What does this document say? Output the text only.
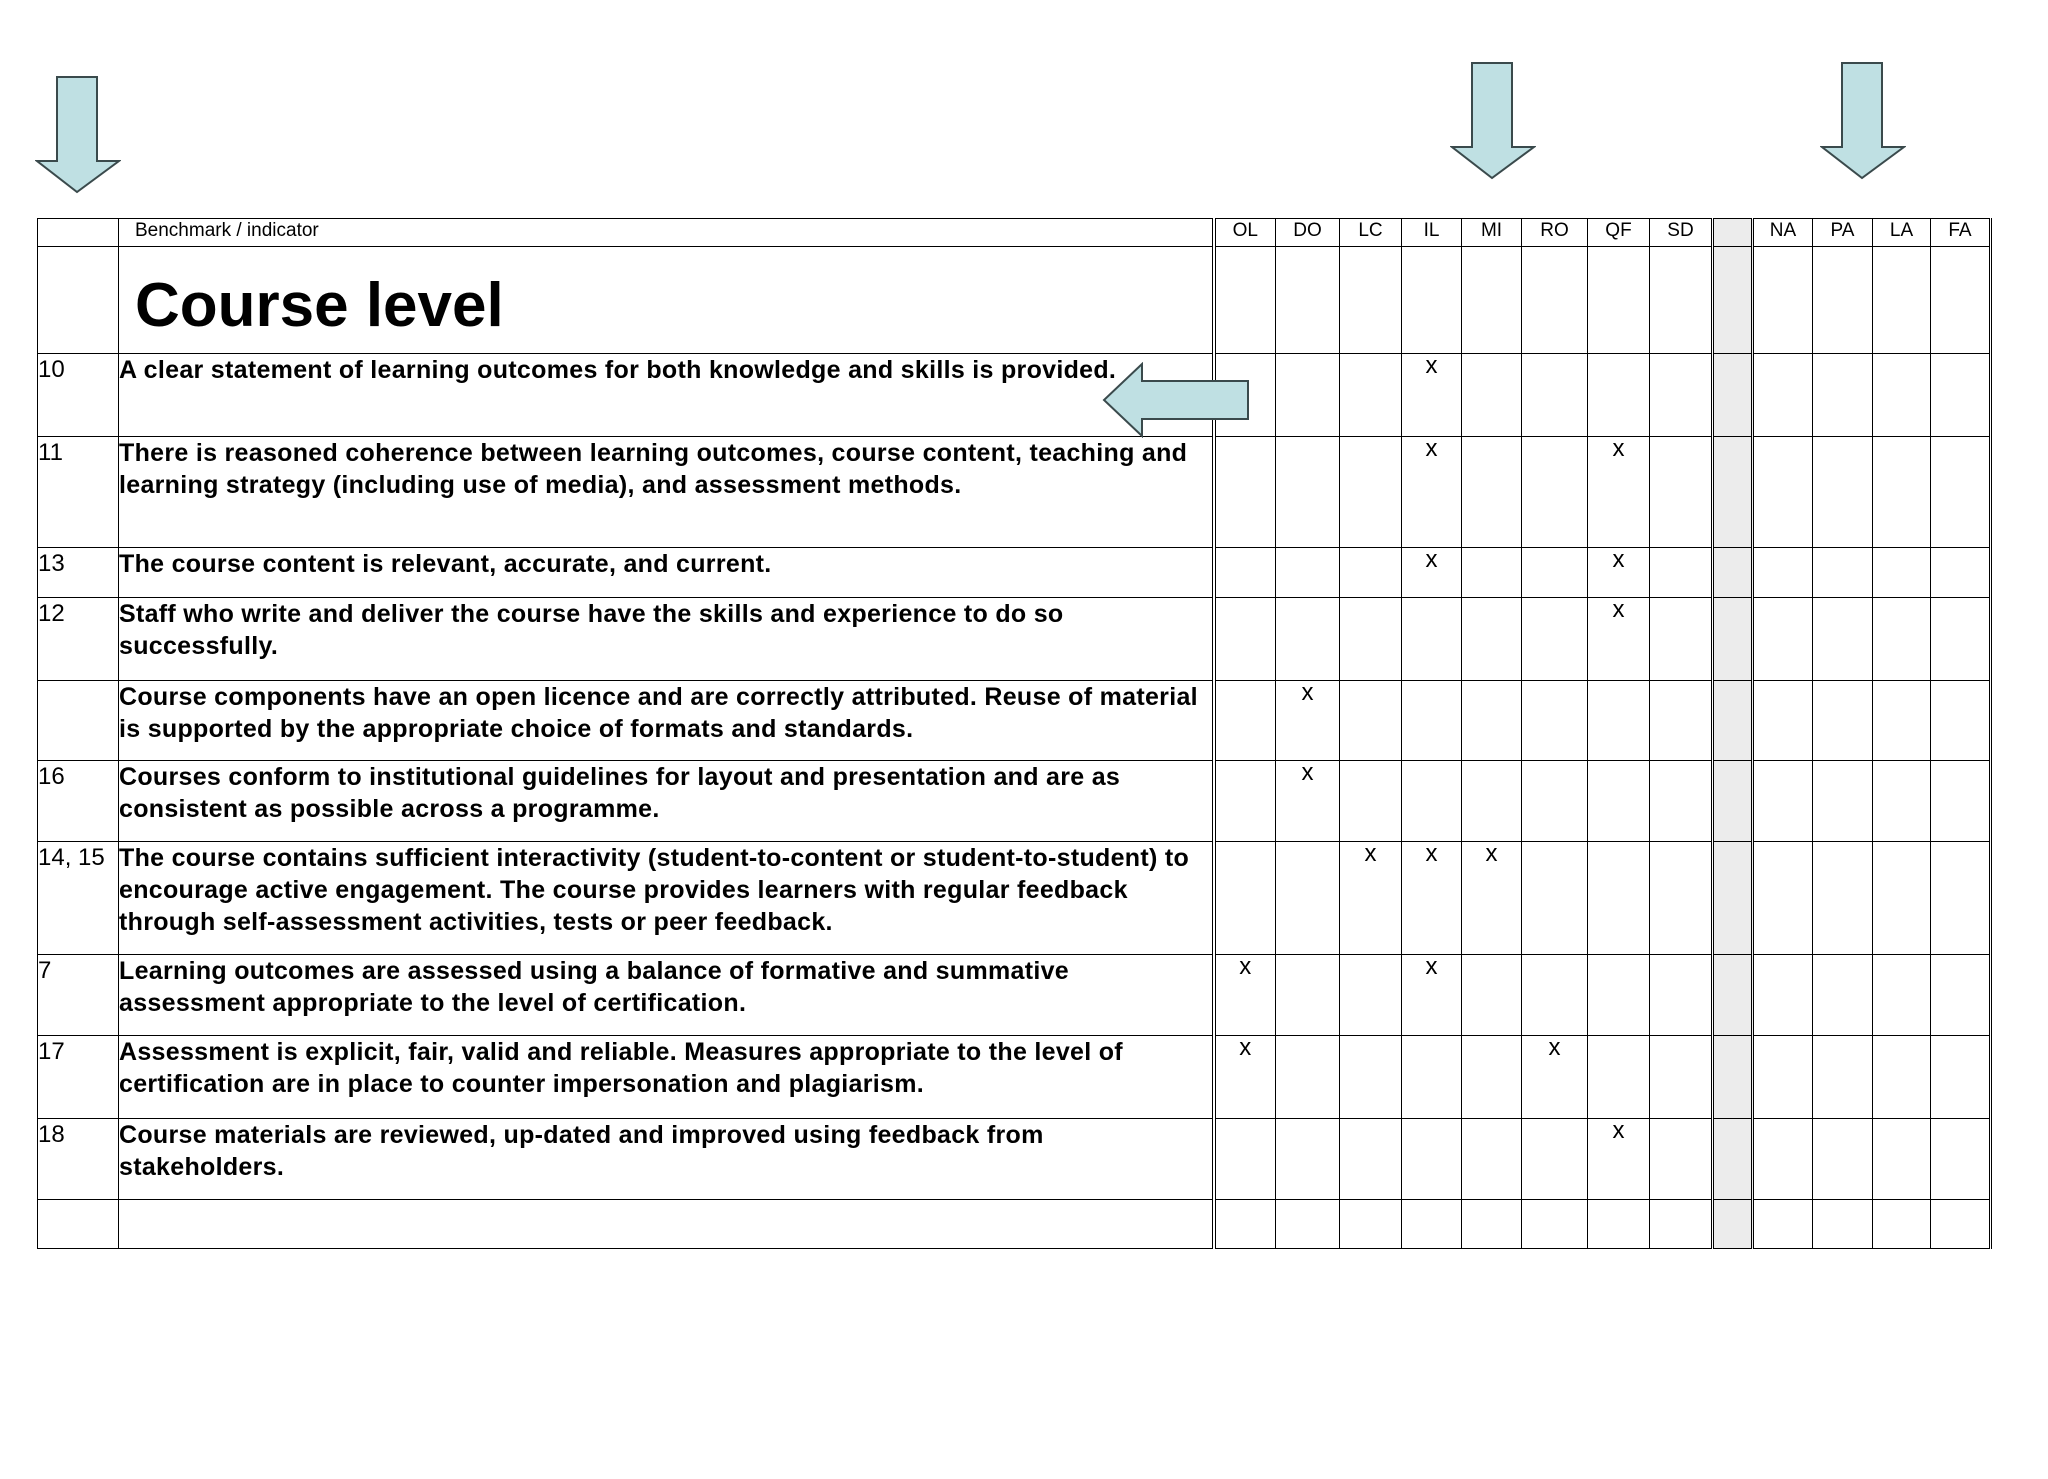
	Benchmark / indicator	OL	DO	LC	IL	MI	RO	QF	SD		NA	PA	LA	FA

	Course level													

10	A clear statement of learning outcomes for both knowledge and skills is provided.				x									
11	There is reasoned coherence between learning outcomes, course content, teaching and learning strategy (including use of media), and assessment methods.				x			x						
13	The course content is relevant, accurate, and current.				x			x						
12	Staff who write and deliver the course have the skills and experience to do so successfully.							x						
	Course components have an open licence and are correctly attributed. Reuse of material is supported by the appropriate choice of formats and standards.		x											
16	Courses conform to institutional guidelines for layout and presentation and are as consistent as possible across a programme.		x											
14, 15	The course contains sufficient interactivity (student-to-content or student-to-student) to encourage active engagement. The course provides learners with regular feedback through self-assessment activities, tests or peer feedback.			x	x	x								
7	Learning outcomes are assessed using a balance of formative and summative assessment appropriate to the level of certification.	x			x									
17	Assessment is explicit, fair, valid and reliable. Measures appropriate to the level of certification are in place to counter impersonation and plagiarism.	x					x							
18	Course materials are reviewed, up-dated and improved using feedback from stakeholders.							x						
